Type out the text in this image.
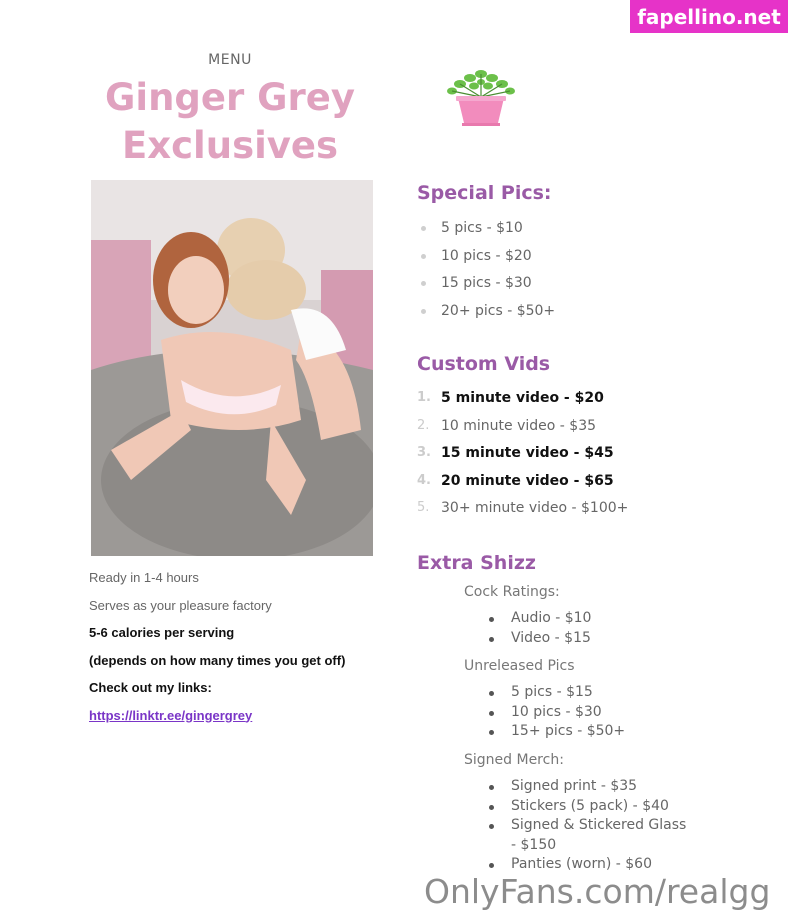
fapellino.net
MENU
Ginger Grey
Exclusives
Ready in 1-4 hours
Serves as your pleasure factory
5-6 calories per serving
(depends on how many times you get off)
Check out my links:
https://linktr.ee/gingergrey
Special Pics:
5 pics - $10
10 pics - $20
15 pics - $30
20+ pics - $50+
Custom Vids
1. 5 minute video - $20
2. 10 minute video - $35
3. 15 minute video - $45
4. 20 minute video - $65
5. 30+ minute video - $100+
Extra Shizz
Cock Ratings:
Audio - $10
Video - $15
Unreleased Pics
5 pics - $15
10 pics - $30
15+ pics - $50+
Signed Merch:
Signed print - $35
Stickers (5 pack) - $40
Signed & Stickered Glass
- $150
Panties (worn) - $60
OnlyFans.com/realgg
